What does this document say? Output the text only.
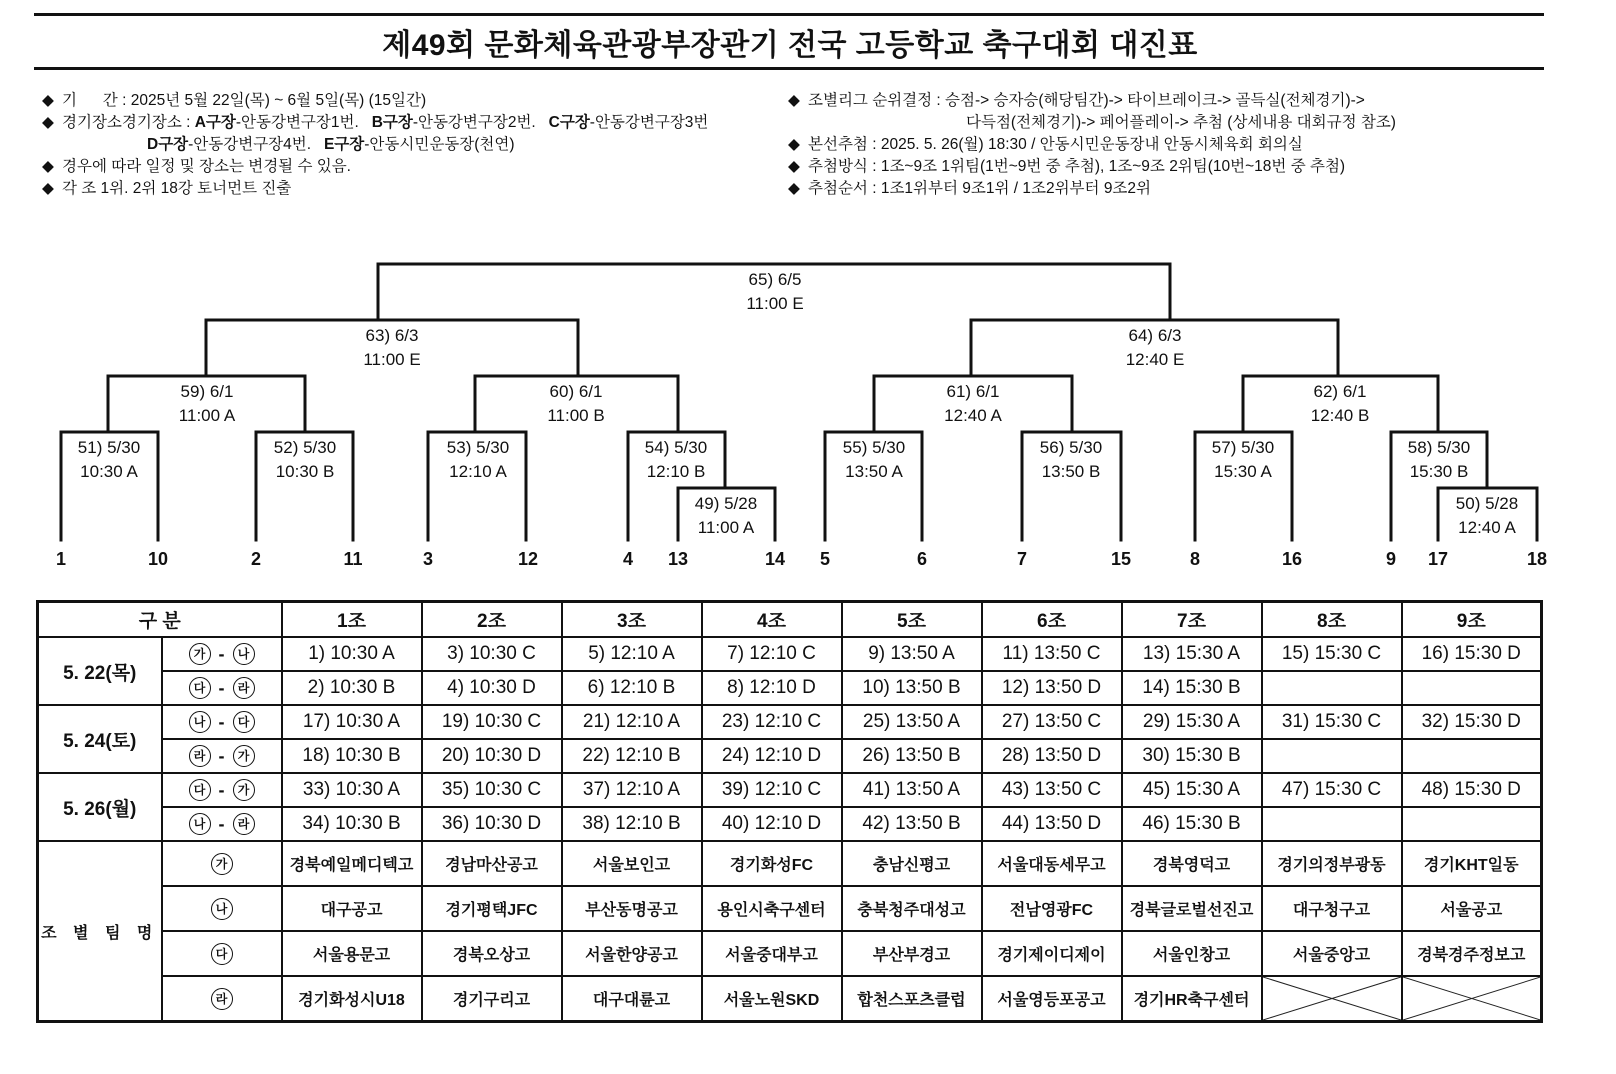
제49회 문화체육관광부장관기 전국 고등학교 축구대회 대진표
◆ 기      간 : 2025년 5월 22일(목) ~ 6월 5일(목) (15일간)
◆ 경기장소경기장소 : A구장-안동강변구장1번. B구장-안동강변구장2번. C구장-안동강변구장3번
D구장-안동강변구장4번. E구장-안동시민운동장(천연)
◆ 경우에 따라 일정 및 장소는 변경될 수 있음.
◆ 각 조 1위. 2위 18강 토너먼트 진출
◆ 조별리그 순위결정 : 승점-> 승자승(해당팀간)-> 타이브레이크-> 골득실(전체경기)->
다득점(전체경기)-> 페어플레이-> 추첨 (상세내용 대회규정 참조)
◆ 본선추첨 : 2025. 5. 26(월) 18:30 / 안동시민운동장내 안동시체육회 회의실
◆ 추첨방식 : 1조~9조 1위팀(1번~9번 중 추첨), 1조~9조 2위팀(10번~18번 중 추첨)
◆ 추첨순서 : 1조1위부터 9조1위 / 1조2위부터 9조2위
65) 6/5
11:00 E
63) 6/3
11:00 E
64) 6/3
12:40 E
59) 6/1
11:00 A
60) 6/1
11:00 B
61) 6/1
12:40 A
62) 6/1
12:40 B
51) 5/30
10:30 A
52) 5/30
10:30 B
53) 5/30
12:10 A
54) 5/30
12:10 B
55) 5/30
13:50 A
56) 5/30
13:50 B
57) 5/30
15:30 A
58) 5/30
15:30 B
49) 5/28
11:00 A
50) 5/28
12:40 A
1	10	2	11	3	12	4 13	14 5	6	7	15	8	16	9 17	18
구 분		1조	2조	3조	4조	5조	6조	7조	8조	9조
5. 22(목)	가 - 나	1) 10:30 A	3) 10:30 C	5) 12:10 A	7) 12:10 C	9) 13:50 A	11) 13:50 C	13) 15:30 A	15) 15:30 C	16) 15:30 D
	다 - 라	2) 10:30 B	4) 10:30 D	6) 12:10 B	8) 12:10 D	10) 13:50 B	12) 13:50 D	14) 15:30 B		
5. 24(토)	나 - 다	17) 10:30 A	19) 10:30 C	21) 12:10 A	23) 12:10 C	25) 13:50 A	27) 13:50 C	29) 15:30 A	31) 15:30 C	32) 15:30 D
	라 - 가	18) 10:30 B	20) 10:30 D	22) 12:10 B	24) 12:10 D	26) 13:50 B	28) 13:50 D	30) 15:30 B		
5. 26(월)	다 - 가	33) 10:30 A	35) 10:30 C	37) 12:10 A	39) 12:10 C	41) 13:50 A	43) 13:50 C	45) 15:30 A	47) 15:30 C	48) 15:30 D
	나 - 라	34) 10:30 B	36) 10:30 D	38) 12:10 B	40) 12:10 D	42) 13:50 B	44) 13:50 D	46) 15:30 B		
조 별 팀 명	가	경북예일메디텍고	경남마산공고	서울보인고	경기화성FC	충남신평고	서울대동세무고	경북영덕고	경기의정부광동	경기KHT일동
	나	대구공고	경기평택JFC	부산동명공고	용인시축구센터	충북청주대성고	전남영광FC	경북글로벌선진고	대구청구고	서울공고
	다	서울용문고	경북오상고	서울한양공고	서울중대부고	부산부경고	경기제이디제이	서울인창고	서울중앙고	경북경주정보고
	라	경기화성시U18	경기구리고	대구대륜고	서울노원SKD	합천스포츠클럽	서울영등포공고	경기HR축구센터	
